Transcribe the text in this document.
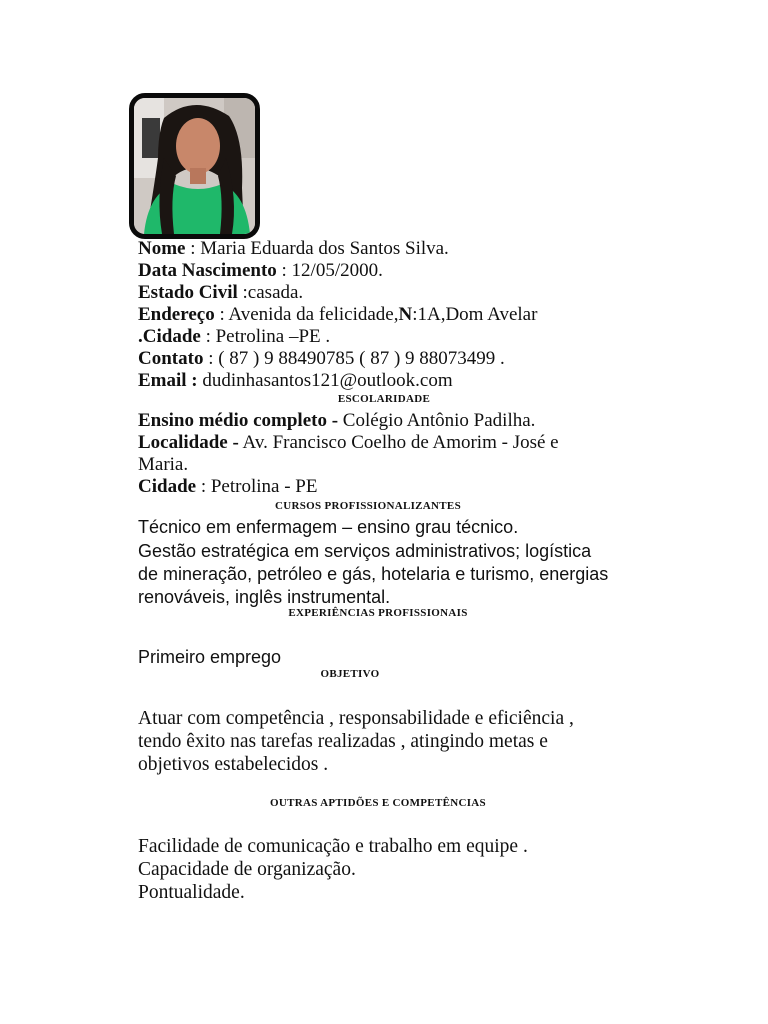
Nome : Maria Eduarda dos Santos Silva.
Data Nascimento : 12/05/2000.
Estado Civil :casada.
Endereço : Avenida da felicidade,N:1A,Dom Avelar
.Cidade : Petrolina –PE .
Contato : ( 87 ) 9 88490785 ( 87 ) 9 88073499 .
Email : dudinhasantos121@outlook.com
ESCOLARIDADE
Ensino médio completo - Colégio Antônio Padilha.
Localidade - Av. Francisco Coelho de Amorim - José e
Maria.
Cidade : Petrolina - PE
CURSOS PROFISSIONALIZANTES
Técnico em enfermagem – ensino grau técnico.
Gestão estratégica em serviços administrativos; logística
de mineração, petróleo e gás, hotelaria e turismo, energias
renováveis, inglês instrumental.
EXPERIÊNCIAS PROFISSIONAIS
Primeiro emprego
OBJETIVO
Atuar com competência , responsabilidade e eficiência ,
tendo êxito nas tarefas realizadas , atingindo metas e
objetivos estabelecidos .
OUTRAS APTIDÕES E COMPETÊNCIAS
Facilidade de comunicação e trabalho em equipe .
Capacidade de organização.
Pontualidade.
